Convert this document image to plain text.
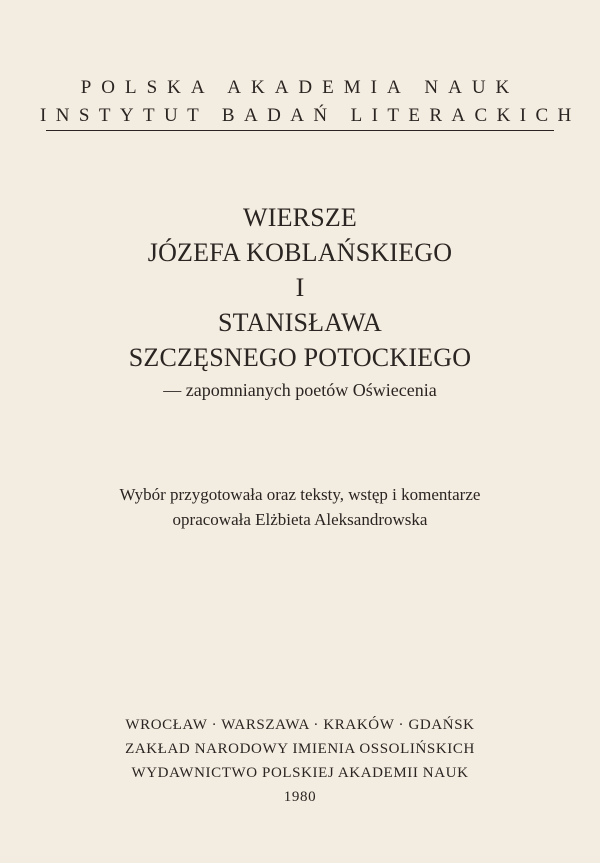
POLSKA AKADEMIA NAUK
INSTYTUT BADAŃ LITERACKICH
WIERSZE
JÓZEFA KOBLAŃSKIEGO
I
STANISŁAWA
SZCZĘSNEGO POTOCKIEGO
— zapomnianych poetów Oświecenia
Wybór przygotowała oraz teksty, wstęp i komentarze
opracowała Elżbieta Aleksandrowska
WROCŁAW · WARSZAWA · KRAKÓW · GDAŃSK
ZAKŁAD NARODOWY IMIENIA OSSOLIŃSKICH
WYDAWNICTWO POLSKIEJ AKADEMII NAUK
1980
